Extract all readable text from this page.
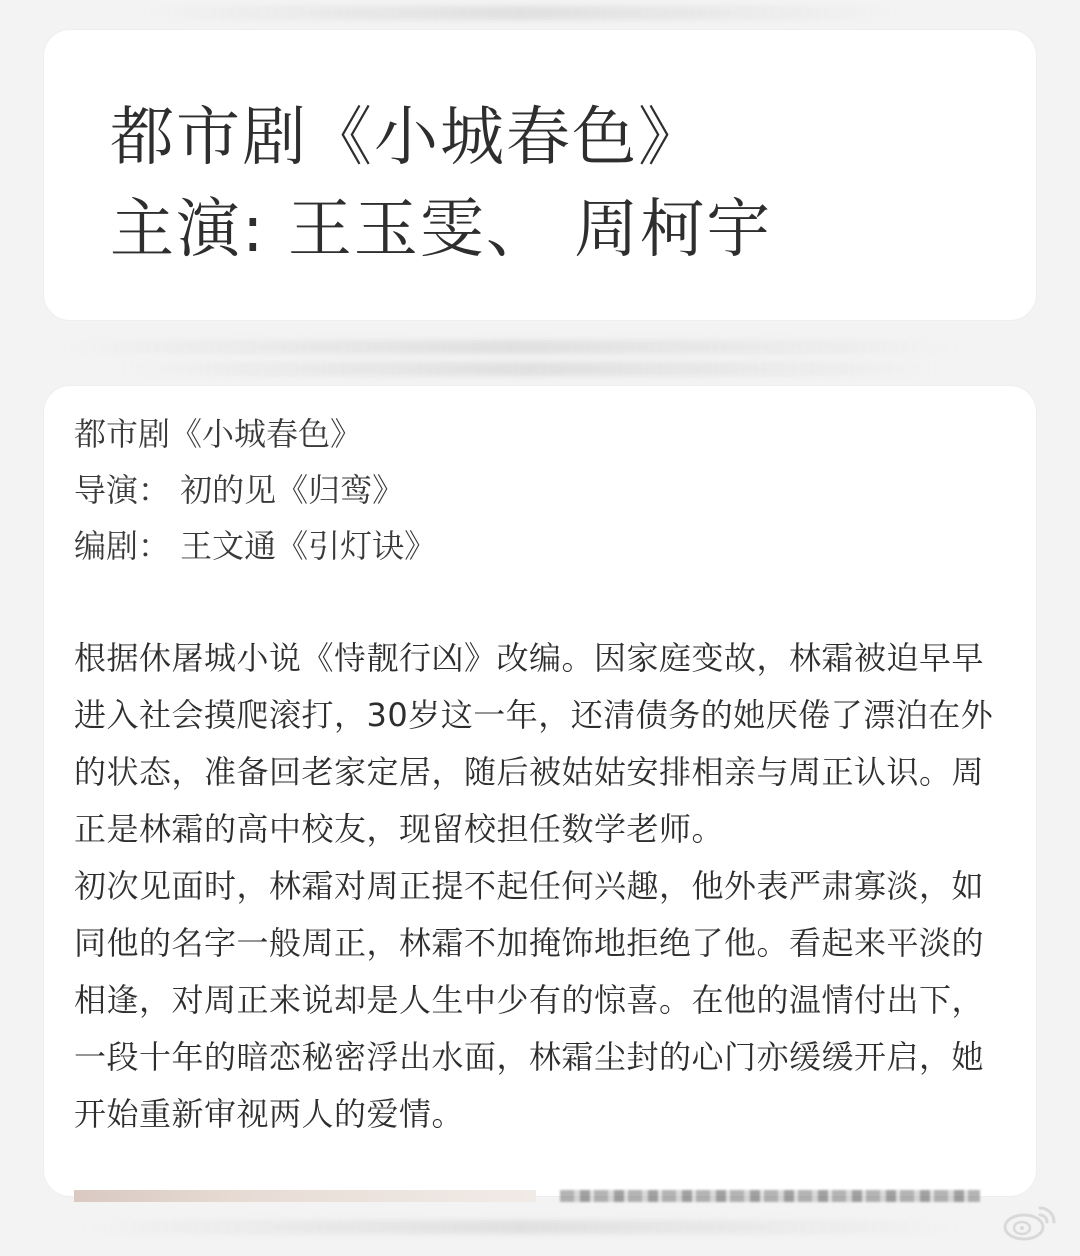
都市剧《小城春色》
主演: 王玉雯、 周柯宇
都市剧《小城春色》
导演： 初的见《归鸾》
编剧： 王文通《引灯诀》

根据休屠城小说《恃靓行凶》改编。因家庭变故，林霜被迫早早进入社会摸爬滚打，30岁这一年，还清债务的她厌倦了漂泊在外的状态，准备回老家定居，随后被姑姑安排相亲与周正认识。周正是林霜的高中校友，现留校担任数学老师。

初次见面时，林霜对周正提不起任何兴趣，他外表严肃寡淡，如同他的名字一般周正，林霜不加掩饰地拒绝了他。看起来平淡的相逢，对周正来说却是人生中少有的惊喜。在他的温情付出下，一段十年的暗恋秘密浮出水面，林霜尘封的心门亦缓缓开启，她开始重新审视两人的爱情。
